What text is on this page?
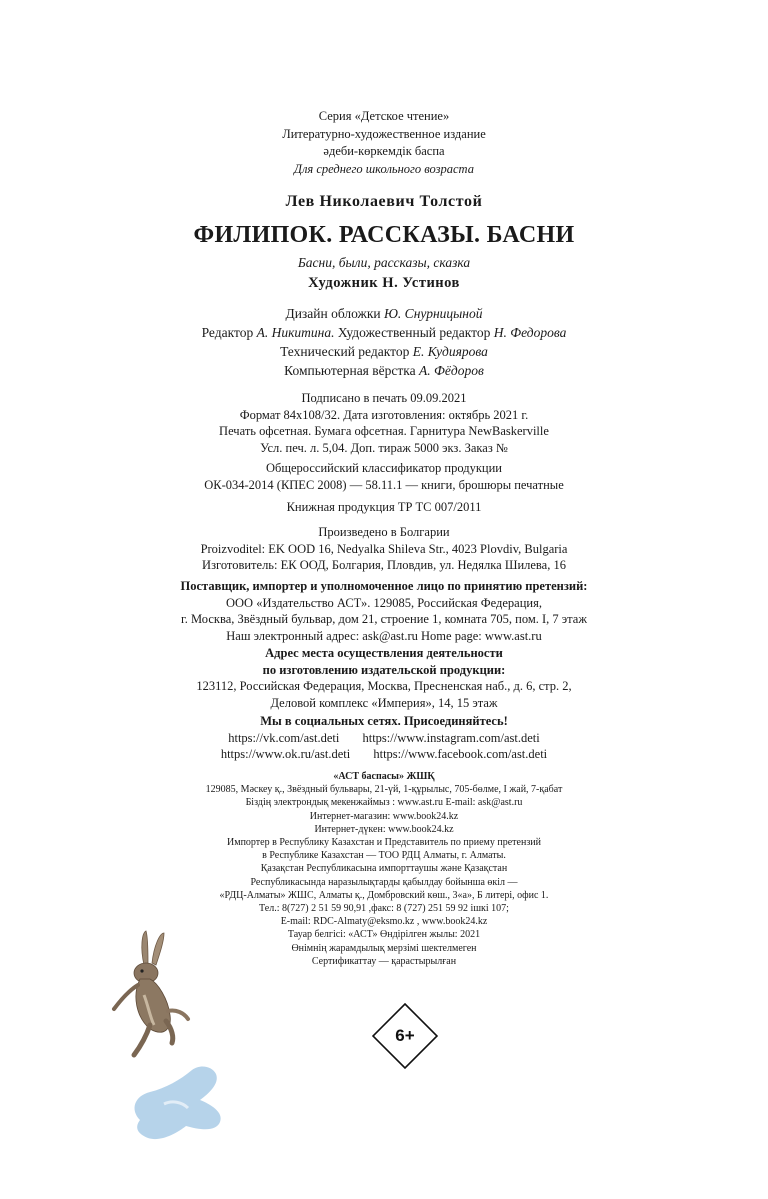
Серия «Детское чтение»
Литературно-художественное издание
әдеби-көркемдік баспа
Для среднего школьного возраста
Лев Николаевич Толстой
ФИЛИПОК. РАССКАЗЫ. БАСНИ
Басни, были, рассказы, сказка
Художник Н. Устинов
Дизайн обложки Ю. Снурницыной
Редактор А. Никитина. Художественный редактор Н. Федорова
Технический редактор Е. Кудиярова
Компьютерная вёрстка А. Фёдоров
Подписано в печать 09.09.2021
Формат 84х108/32. Дата изготовления: октябрь 2021 г.
Печать офсетная. Бумага офсетная. Гарнитура NewBaskerville
Усл. печ. л. 5,04. Доп. тираж 5000 экз. Заказ №
Общероссийский классификатор продукции
ОК-034-2014 (КПЕС 2008) — 58.11.1 — книги, брошюры печатные
Книжная продукция ТР ТС 007/2011
Произведено в Болгарии
Proizvoditel: EK OOD 16, Nedyalka Shileva Str., 4023 Plovdiv, Bulgaria
Изготовитель: ЕК ООД, Болгария, Пловдив, ул. Недялка Шилева, 16
Поставщик, импортер и уполномоченное лицо по принятию претензий:
ООО «Издательство АСТ». 129085, Российская Федерация,
г. Москва, Звёздный бульвар, дом 21, строение 1, комната 705, пом. I, 7 этаж
Наш электронный адрес: ask@ast.ru Home page: www.ast.ru
Адрес места осуществления деятельности
по изготовлению издательской продукции:
123112, Российская Федерация, Москва, Пресненская наб., д. 6, стр. 2,
Деловой комплекс «Империя», 14, 15 этаж
Мы в социальных сетях. Присоединяйтесь!
https://vk.com/ast.deti https://www.instagram.com/ast.deti
https://www.ok.ru/ast.deti https://www.facebook.com/ast.deti
«АСТ баспасы» ЖШҚ
129085, Мәскеу қ., Звёздный бульвары, 21-үй, 1-құрылыс, 705-бөлме, I жай, 7-қабат
Біздің электрондық мекенжаймыз : www.ast.ru E-mail: ask@ast.ru
Интернет-магазин: www.book24.kz
Интернет-дүкен: www.book24.kz
Импортер в Республику Казахстан и Представитель по приему претензий
в Республике Казахстан — ТОО РДЦ Алматы, г. Алматы.
Қазақстан Республикасына импорттаушы және Қазақстан
Республикасында наразылықтарды қабылдау бойынша өкіл —
«РДЦ-Алматы» ЖШС, Алматы қ., Домбровский көш., 3«а», Б литері, офис 1.
Тел.: 8(727) 2 51 59 90,91 ,факс: 8 (727) 251 59 92 ішкі 107;
E-mail: RDC-Almaty@eksmo.kz , www.book24.kz
Тауар белгісі: «АСТ» Өндірілген жылы: 2021
Өнімнің жарамдылық мерзімі шектелмеген
Сертификаттау — қарастырылған
6+
